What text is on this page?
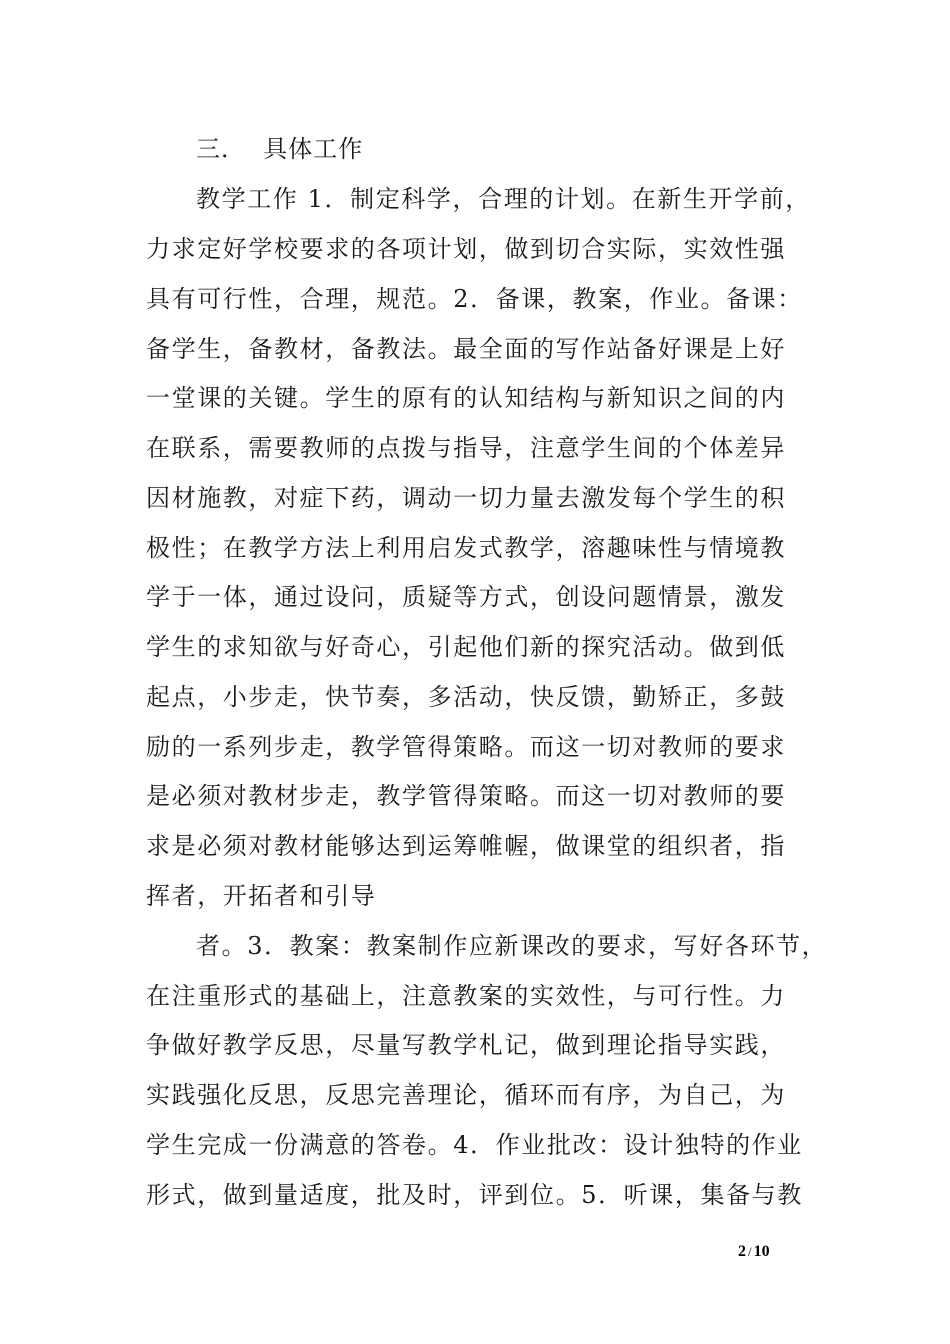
三．  具体工作
教学工作 1．制定科学，合理的计划。在新生开学前，
力求定好学校要求的各项计划，做到切合实际，实效性强
具有可行性，合理，规范。2．备课，教案，作业。备课：
备学生，备教材，备教法。最全面的写作站备好课是上好
一堂课的关键。学生的原有的认知结构与新知识之间的内
在联系，需要教师的点拨与指导，注意学生间的个体差异
因材施教，对症下药，调动一切力量去激发每个学生的积
极性；在教学方法上利用启发式教学，溶趣味性与情境教
学于一体，通过设问，质疑等方式，创设问题情景，激发
学生的求知欲与好奇心，引起他们新的探究活动。做到低
起点，小步走，快节奏，多活动，快反馈，勤矫正，多鼓
励的一系列步走，教学管得策略。而这一切对教师的要求
是必须对教材步走，教学管得策略。而这一切对教师的要
求是必须对教材能够达到运筹帷幄，做课堂的组织者，指
挥者，开拓者和引导
者。3．教案：教案制作应新课改的要求，写好各环节，
在注重形式的基础上，注意教案的实效性，与可行性。力
争做好教学反思，尽量写教学札记，做到理论指导实践，
实践强化反思，反思完善理论，循环而有序，为自己，为
学生完成一份满意的答卷。4．作业批改：设计独特的作业
形式，做到量适度，批及时，评到位。5．听课，集备与教
2 / 10
